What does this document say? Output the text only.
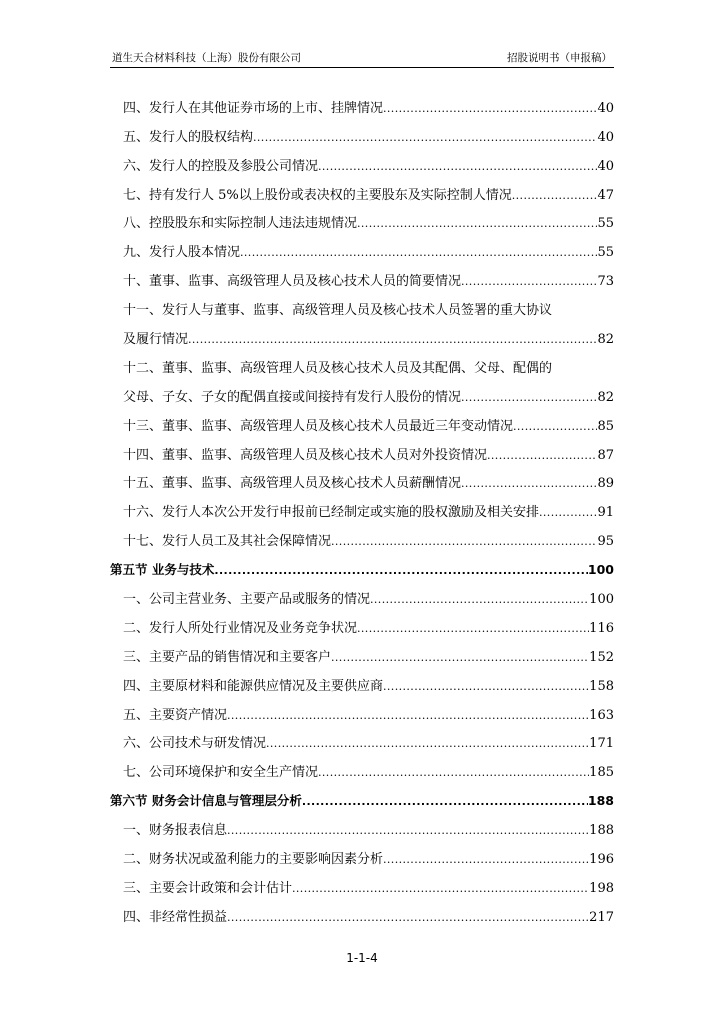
道生天合材料科技（上海）股份有限公司	招股说明书（申报稿）
四、发行人在其他证券市场的上市、挂牌情况 .....	40
五、发行人的股权结构 .....	40
六、发行人的控股及参股公司情况 .....	40
七、持有发行人 5%以上股份或表决权的主要股东及实际控制人情况 .....	47
八、控股股东和实际控制人违法违规情况 .....	55
九、发行人股本情况 .....	55
十、董事、监事、高级管理人员及核心技术人员的简要情况 .....	73
十一、发行人与董事、监事、高级管理人员及核心技术人员签署的重大协议
及履行情况 .....	82
十二、董事、监事、高级管理人员及核心技术人员及其配偶、父母、配偶的
父母、子女、子女的配偶直接或间接持有发行人股份的情况 .....	82
十三、董事、监事、高级管理人员及核心技术人员最近三年变动情况 .....	85
十四、董事、监事、高级管理人员及核心技术人员对外投资情况 .....	87
十五、董事、监事、高级管理人员及核心技术人员薪酬情况 .....	89
十六、发行人本次公开发行申报前已经制定或实施的股权激励及相关安排 .....	91
十七、发行人员工及其社会保障情况 .....	95
第五节 业务与技术 .....	100
一、公司主营业务、主要产品或服务的情况 .....	100
二、发行人所处行业情况及业务竞争状况 .....	116
三、主要产品的销售情况和主要客户 .....	152
四、主要原材料和能源供应情况及主要供应商 .....	158
五、主要资产情况 .....	163
六、公司技术与研发情况 .....	171
七、公司环境保护和安全生产情况 .....	185
第六节 财务会计信息与管理层分析 .....	188
一、财务报表信息 .....	188
二、财务状况或盈利能力的主要影响因素分析 .....	196
三、主要会计政策和会计估计 .....	198
四、非经常性损益 .....	217
1-1-4
